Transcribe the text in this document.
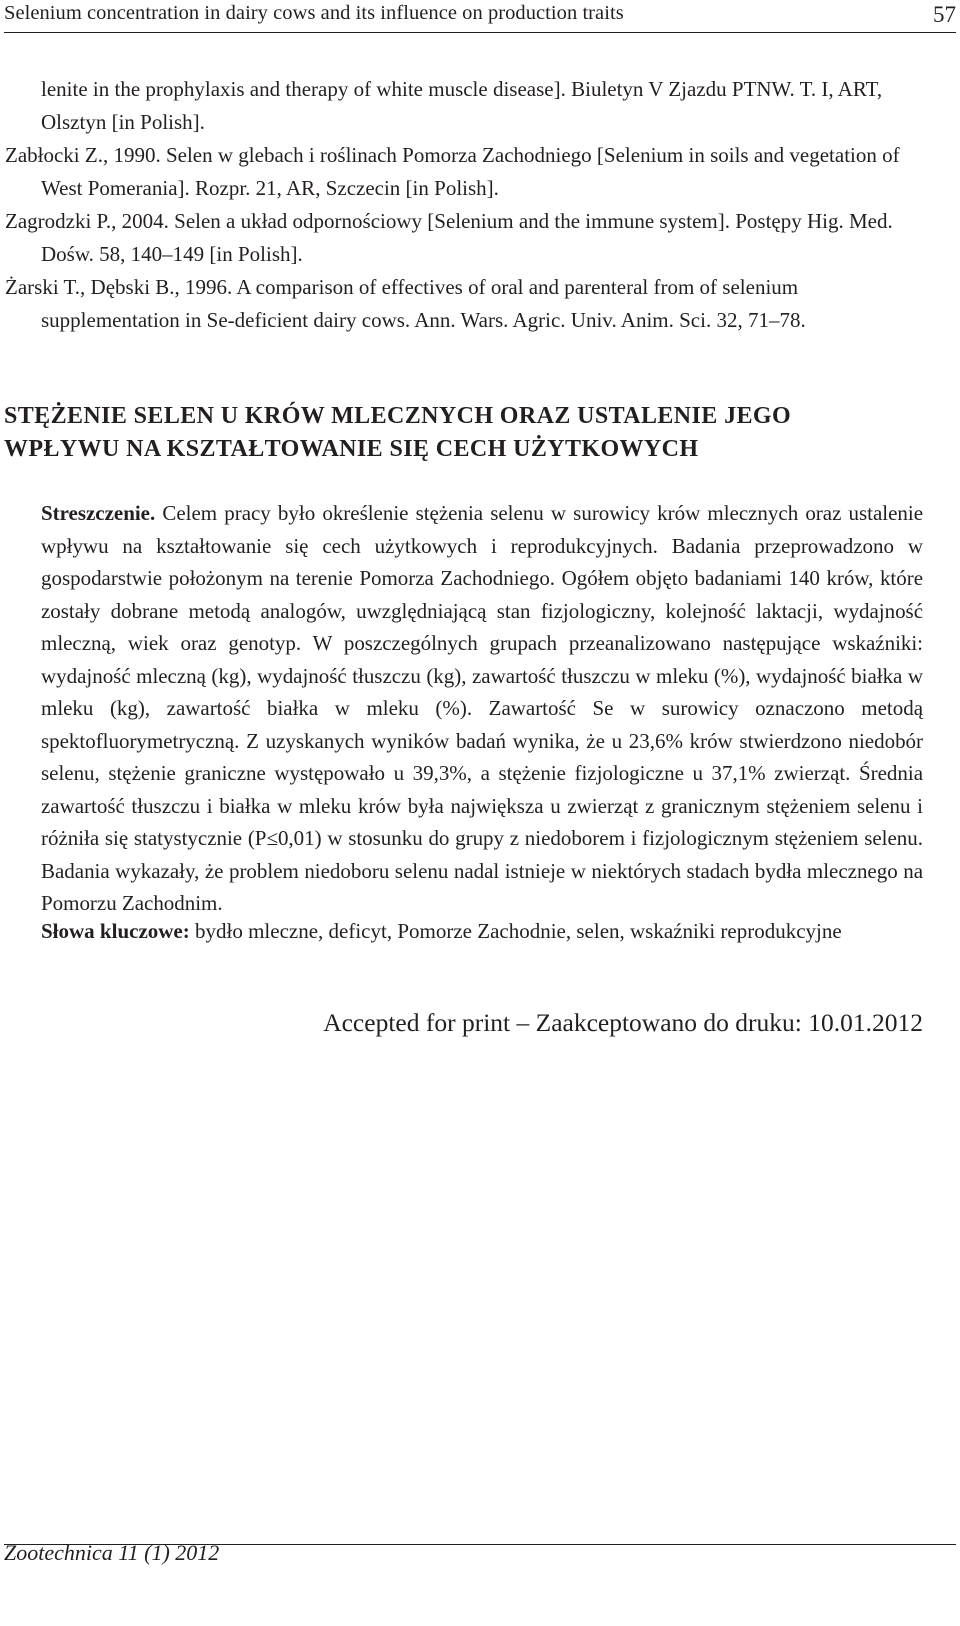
Selenium concentration in dairy cows and its influence on production traits	57
lenite in the prophylaxis and therapy of white muscle disease]. Biuletyn V Zjazdu PTNW. T. I, ART, Olsztyn [in Polish].
Zabłocki Z., 1990. Selen w glebach i roślinach Pomorza Zachodniego [Selenium in soils and vegetation of West Pomerania]. Rozpr. 21, AR, Szczecin [in Polish].
Zagrodzki P., 2004. Selen a układ odpornościowy [Selenium and the immune system]. Postępy Hig. Med. Dośw. 58, 140–149 [in Polish].
Żarski T., Dębski B., 1996. A comparison of effectives of oral and parenteral from of selenium supplementation in Se-deficient dairy cows. Ann. Wars. Agric. Univ. Anim. Sci. 32, 71–78.
STĘŻENIE SELEN U KRÓW MLECZNYCH ORAZ USTALENIE JEGO
WPŁYWU NA KSZTAŁTOWANIE SIĘ CECH UŻYTKOWYCH
Streszczenie. Celem pracy było określenie stężenia selenu w surowicy krów mlecznych oraz ustalenie wpływu na kształtowanie się cech użytkowych i reprodukcyjnych. Badania przeprowadzono w gospodarstwie położonym na terenie Pomorza Zachodniego. Ogółem objęto badaniami 140 krów, które zostały dobrane metodą analogów, uwzględniającą stan fizjologiczny, kolejność laktacji, wydajność mleczną, wiek oraz genotyp. W poszczególnych grupach przeanalizowano następujące wskaźniki: wydajność mleczną (kg), wydajność tłuszczu (kg), zawartość tłuszczu w mleku (%), wydajność białka w mleku (kg), zawartość białka w mleku (%). Zawartość Se w surowicy oznaczono metodą spektofluorymetryczną. Z uzyskanych wyników badań wynika, że u 23,6% krów stwierdzono niedobór selenu, stężenie graniczne występowało u 39,3%, a stężenie fizjologiczne u 37,1% zwierząt. Średnia zawartość tłuszczu i białka w mleku krów była największa u zwierząt z granicznym stężeniem selenu i różniła się statystycznie (P≤0,01) w stosunku do grupy z niedoborem i fizjologicznym stężeniem selenu. Badania wykazały, że problem niedoboru selenu nadal istnieje w niektórych stadach bydła mlecznego na Pomorzu Zachodnim.
Słowa kluczowe: bydło mleczne, deficyt, Pomorze Zachodnie, selen, wskaźniki reprodukcyjne
Accepted for print – Zaakceptowano do druku: 10.01.2012
Zootechnica 11 (1) 2012
